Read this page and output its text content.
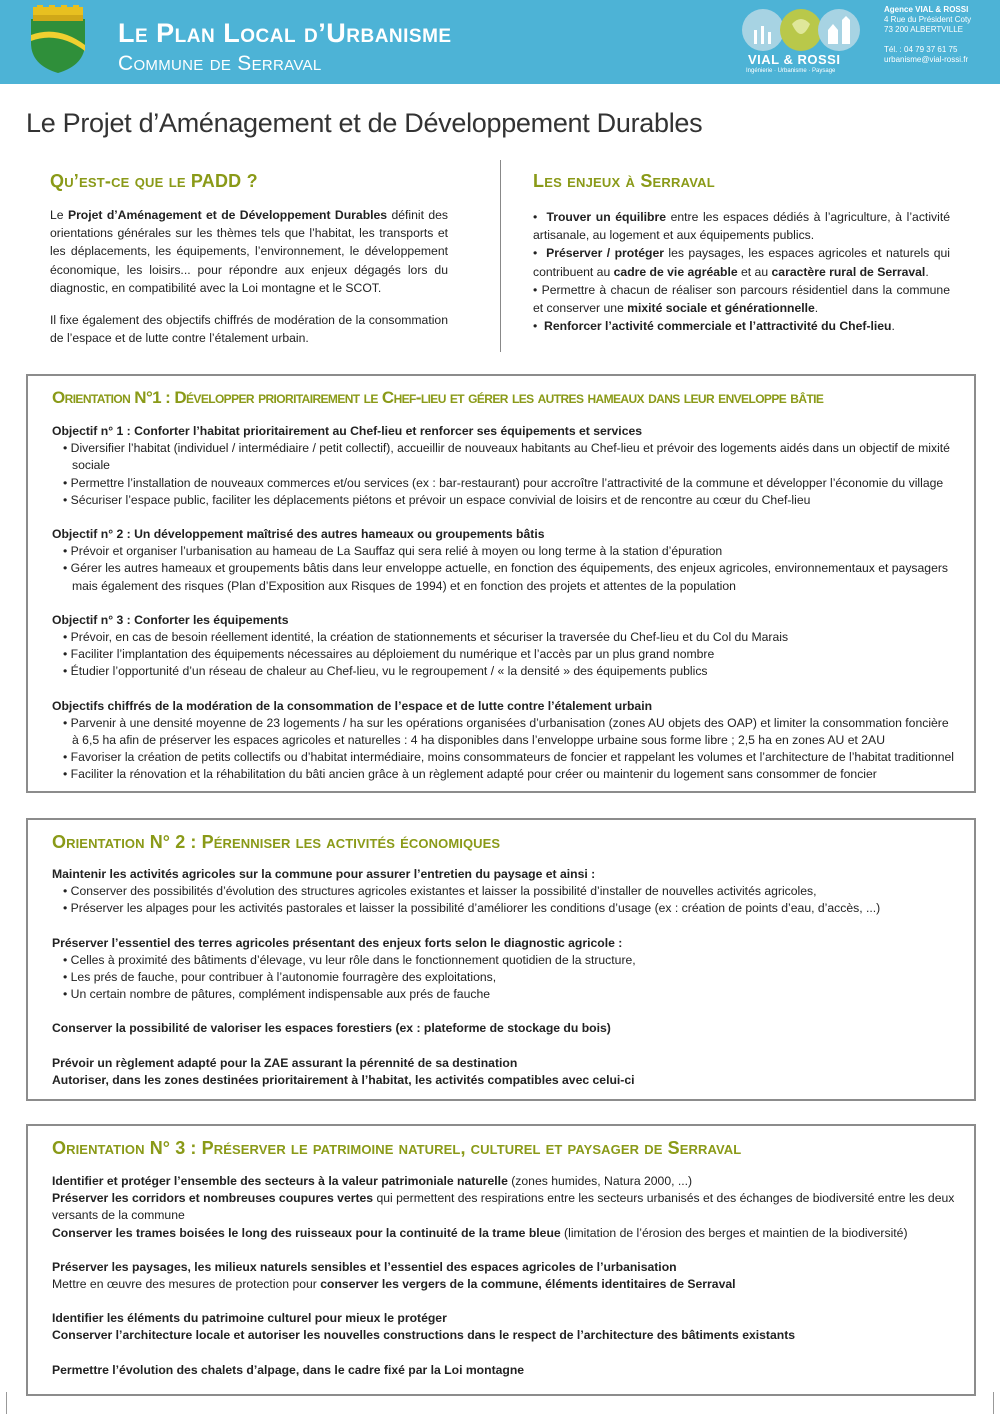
Le Plan Local d’Urbanisme
Commune de Serraval	VIAL & ROSSI
Ingénierie · Urbanisme · Paysage
Agence VIAL & ROSSI
4 Rue du Président Coty
73 200 ALBERTVILLE
Tél. : 04 79 37 61 75
urbanisme@vial-rossi.fr
Le Projet d’Aménagement et de Développement Durables
Qu’est-ce que le PADD ?

Le Projet d’Aménagement et de Développement Durables définit des orientations générales sur les thèmes tels que l’habitat, les transports et les déplacements, les équipements, l’environnement, le développement économique, les loisirs... pour répondre aux enjeux dégagés lors du diagnostic, en compatibilité avec la Loi montagne et le SCOT.

Il fixe également des objectifs chiffrés de modération de la consommation de l’espace et de lutte contre l’étalement urbain.

Les enjeux à Serraval
•  Trouver un équilibre entre les espaces dédiés à l’agriculture, à l’activité artisanale, au logement et aux équipements publics.
•  Préserver / protéger les paysages, les espaces agricoles et naturels qui contribuent au cadre de vie agréable et au caractère rural de Serraval.
• Permettre à chacun de réaliser son parcours résidentiel dans la commune et conserver une mixité sociale et générationnelle.
•  Renforcer l’activité commerciale et l’attractivité du Chef-lieu.
Orientation N°1 : Développer prioritairement le Chef-lieu et gérer les autres hameaux dans leur enveloppe bâtie
Objectif n° 1 : Conforter l’habitat prioritairement au Chef-lieu et renforcer ses équipements et services
• Diversifier l’habitat (individuel / intermédiaire / petit collectif), accueillir de nouveaux habitants au Chef-lieu et prévoir des logements aidés dans un objectif de mixité sociale
• Permettre l’installation de nouveaux commerces et/ou services (ex : bar-restaurant) pour accroître l’attractivité de la commune et développer l’économie du village
• Sécuriser l’espace public, faciliter les déplacements piétons et prévoir un espace convivial de loisirs et de rencontre au cœur du Chef-lieu
Objectif n° 2 : Un développement maîtrisé des autres hameaux ou groupements bâtis
• Prévoir et organiser l’urbanisation au hameau de La Sauffaz qui sera relié à moyen ou long terme à la station d’épuration
• Gérer les autres hameaux et groupements bâtis dans leur enveloppe actuelle, en fonction des équipements, des enjeux agricoles, environnementaux et paysagers mais également des risques (Plan d’Exposition aux Risques de 1994) et en fonction des projets et attentes de la population
Objectif n° 3 : Conforter les équipements
• Prévoir, en cas de besoin réellement identité, la création de stationnements et sécuriser la traversée du Chef-lieu et du Col du Marais
• Faciliter l’implantation des équipements nécessaires au déploiement du numérique et l’accès par un plus grand nombre
• Étudier l’opportunité d’un réseau de chaleur au Chef-lieu, vu le regroupement / « la densité » des équipements publics
Objectifs chiffrés de la modération de la consommation de l’espace et de lutte contre l’étalement urbain
• Parvenir à une densité moyenne de 23 logements / ha sur les opérations organisées d’urbanisation (zones AU objets des OAP) et limiter la consommation foncière à 6,5 ha afin de préserver les espaces agricoles et naturelles : 4 ha disponibles dans l’enveloppe urbaine sous forme libre ; 2,5 ha en zones AU et 2AU
• Favoriser la création de petits collectifs ou d’habitat intermédiaire, moins consommateurs de foncier et rappelant les volumes et l’architecture de l’habitat traditionnel
• Faciliter la rénovation et la réhabilitation du bâti ancien grâce à un règlement adapté pour créer ou maintenir du logement sans consommer de foncier
Orientation N° 2 : Pérenniser les activités économiques
Maintenir les activités agricoles sur la commune pour assurer l’entretien du paysage et ainsi :
• Conserver des possibilités d’évolution des structures agricoles existantes et laisser la possibilité d’installer de nouvelles activités agricoles,
• Préserver les alpages pour les activités pastorales et laisser la possibilité d’améliorer les conditions d’usage (ex : création de points d’eau, d’accès, ...)
Préserver l’essentiel des terres agricoles présentant des enjeux forts selon le diagnostic agricole :
• Celles à proximité des bâtiments d’élevage, vu leur rôle dans le fonctionnement quotidien de la structure,
• Les prés de fauche, pour contribuer à l’autonomie fourragère des exploitations,
• Un certain nombre de pâtures, complément indispensable aux prés de fauche
Conserver la possibilité de valoriser les espaces forestiers (ex : plateforme de stockage du bois)
Prévoir un règlement adapté pour la ZAE assurant la pérennité de sa destination
Autoriser, dans les zones destinées prioritairement à l’habitat, les activités compatibles avec celui-ci
Orientation N° 3 : Préserver le patrimoine naturel, culturel et paysager de Serraval
Identifier et protéger l’ensemble des secteurs à la valeur patrimoniale naturelle (zones humides, Natura 2000, ...)
Préserver les corridors et nombreuses coupures vertes qui permettent des respirations entre les secteurs urbanisés et des échanges de biodiversité entre les deux versants de la commune
Conserver les trames boisées le long des ruisseaux pour la continuité de la trame bleue (limitation de l’érosion des berges et maintien de la biodiversité)
Préserver les paysages, les milieux naturels sensibles et l’essentiel des espaces agricoles de l’urbanisation
Mettre en œuvre des mesures de protection pour conserver les vergers de la commune, éléments identitaires de Serraval
Identifier les éléments du patrimoine culturel pour mieux le protéger
Conserver l’architecture locale et autoriser les nouvelles constructions dans le respect de l’architecture des bâtiments existants
Permettre l’évolution des chalets d’alpage, dans le cadre fixé par la Loi montagne
